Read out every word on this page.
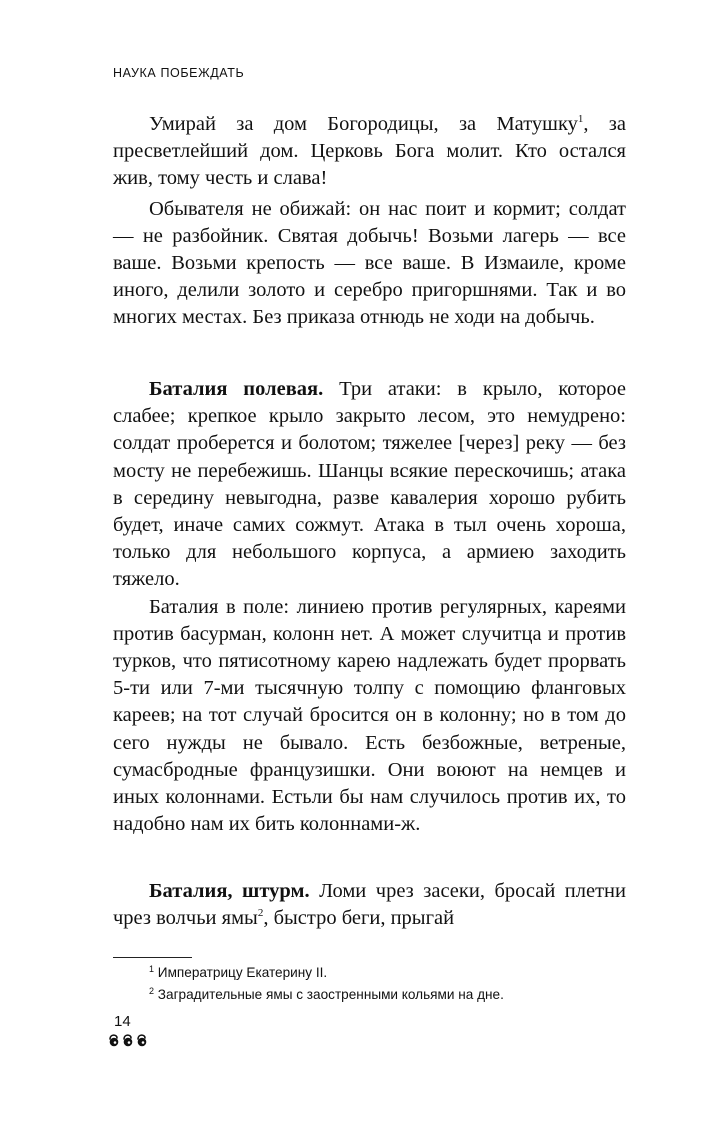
НАУКА ПОБЕЖДАТЬ

Умирай за дом Богородицы, за Матушку$^1$, за пресветлейший дом. Церковь Бога молит. Кто остался жив, тому честь и слава!

Обывателя не обижай: он нас поит и кормит; солдат — не разбойник. Святая добычь! Возьми лагерь — все ваше. Возьми крепость — все ваше. В Измаиле, кроме иного, делили золото и серебро пригоршнями. Так и во многих местах. Без приказа отнюдь не ходи на добычь.

Баталия полевая. Три атаки: в крыло, которое слабее; крепкое крыло закрыто лесом, это немудрено: солдат проберется и болотом; тяжелее [через] реку — без мосту не перебежишь. Шанцы всякие перескочишь; атака в середину невыгодна, разве кавалерия хорошо рубить будет, иначе самих сожмут. Атака в тыл очень хороша, только для небольшого корпуса, а армиею заходить тяжело.

Баталия в поле: линиею против регулярных, кареями против басурман, колонн нет. А может случитца и против турков, что пятисотному карею надлежать будет прорвать 5-ти или 7-ми тысячную толпу с помощию фланговых кареев; на тот случай бросится он в колонну; но в том до сего нужды не бывало. Есть безбожные, ветреные, сумасбродные французишки. Они воюют на немцев и иных колоннами. Естьли бы нам случилось против их, то надобно нам их бить колоннами-ж.

Баталия, штурм. Ломи чрез засеки, бросай плетни чрез волчьи ямы$^2$, быстро беги, прыгай

$^1$ Императрицу Екатерину II.

$^2$ Заградительные ямы с заостренными кольями на дне.

14
